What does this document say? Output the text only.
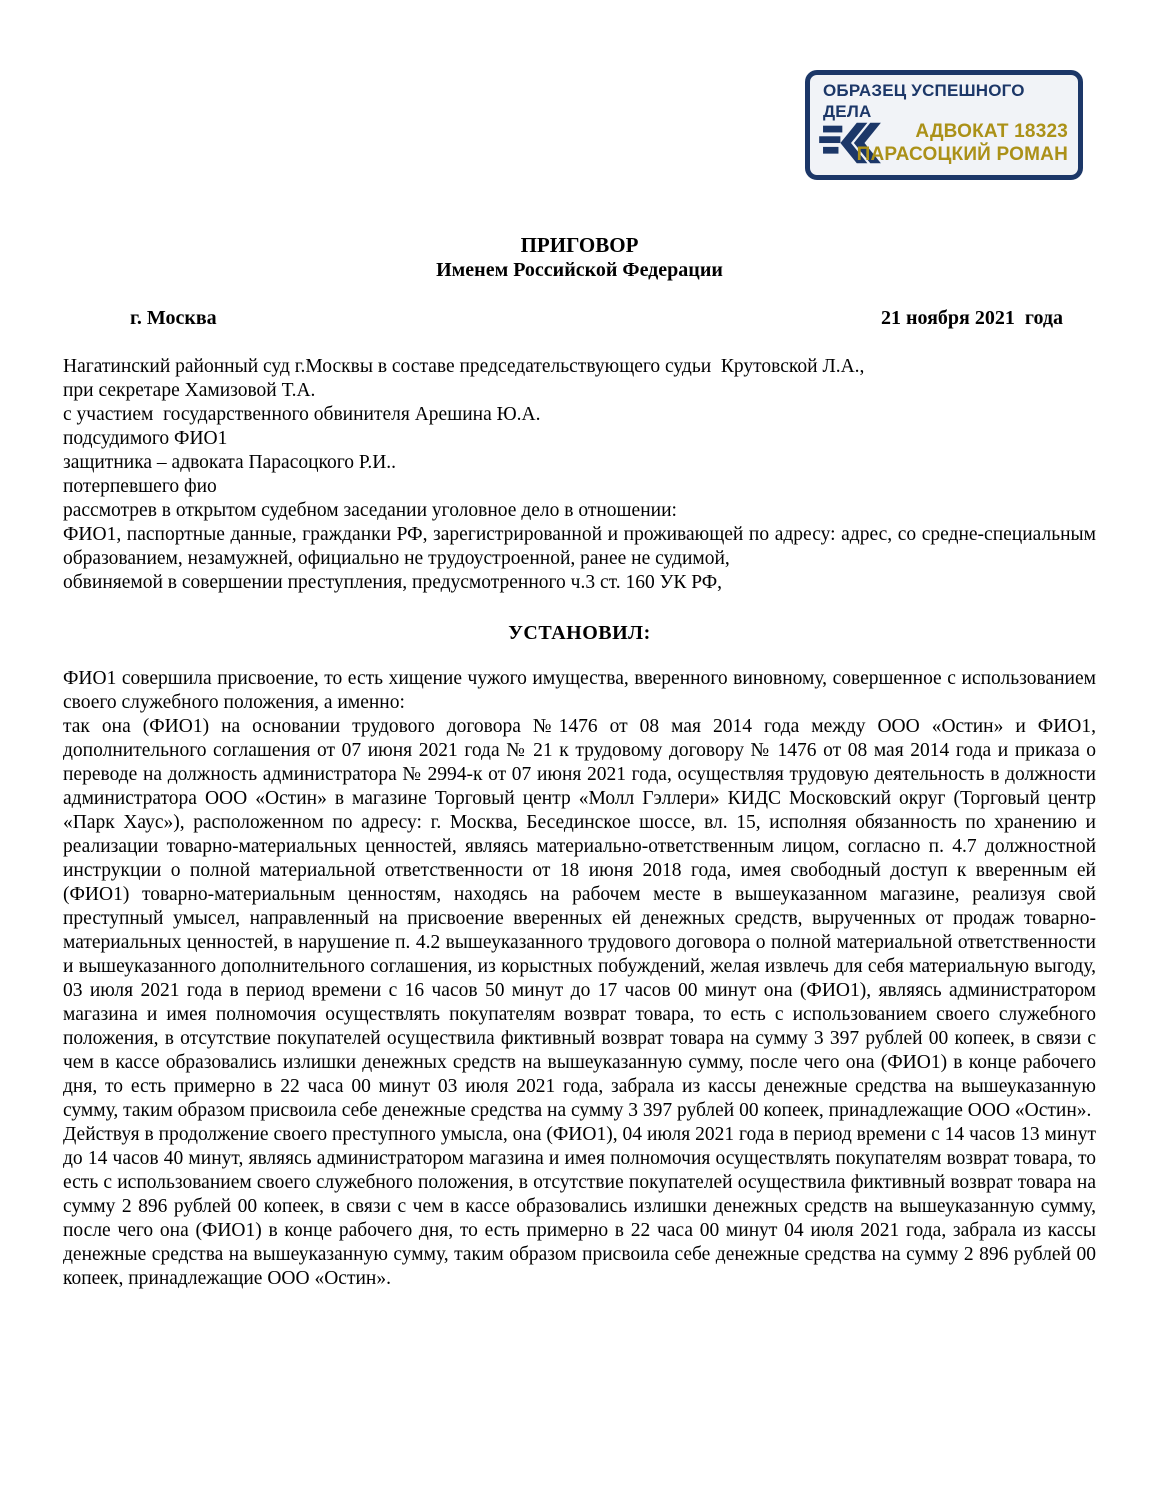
ОБРАЗЕЦ УСПЕШНОГО
ДЕЛА
АДВОКАТ 18323
ПАРАСОЦКИЙ РОМАН
ПРИГОВОР
Именем Российской Федерации
г. Москва	21 ноября 2021  года
Нагатинский районный суд г.Москвы в составе председательствующего судьи  Крутовской Л.А.,
при секретаре Хамизовой Т.А.
с участием  государственного обвинителя Арешина Ю.А.
подсудимого ФИО1
защитника – адвоката Парасоцкого Р.И..
потерпевшего фио
рассмотрев в открытом судебном заседании уголовное дело в отношении:
ФИО1, паспортные данные, гражданки РФ, зарегистрированной и проживающей по адресу: адрес, со средне-специальным образованием, незамужней, официально не трудоустроенной, ранее не судимой,
обвиняемой в совершении преступления, предусмотренного ч.3 ст. 160 УК РФ,
УСТАНОВИЛ:
ФИО1 совершила присвоение, то есть хищение чужого имущества, вверенного виновному, совершенное с использованием своего служебного положения, а именно:
так она (ФИО1) на основании трудового договора №1476 от 08 мая 2014 года между ООО «Остин» и ФИО1, дополнительного соглашения от 07 июня 2021 года № 21 к трудовому договору № 1476 от 08 мая 2014 года и приказа о переводе на должность администратора № 2994-к от 07 июня 2021 года, осуществляя трудовую деятельность в должности администратора ООО «Остин» в магазине Торговый центр «Молл Гэллери» КИДС Московский округ (Торговый центр «Парк Хаус»), расположенном по адресу: г. Москва, Бесединское шоссе, вл. 15, исполняя обязанность по хранению и реализации товарно-материальных ценностей, являясь материально-ответственным лицом, согласно п. 4.7 должностной инструкции о полной материальной ответственности от 18 июня 2018 года, имея свободный доступ к вверенным ей (ФИО1) товарно-материальным ценностям, находясь на рабочем месте в вышеуказанном магазине, реализуя свой преступный умысел, направленный на присвоение вверенных ей денежных средств, вырученных от продаж товарно-материальных ценностей, в нарушение п. 4.2 вышеуказанного трудового договора о полной материальной ответственности и вышеуказанного дополнительного соглашения, из корыстных побуждений, желая извлечь для себя материальную выгоду, 03 июля 2021 года в период времени с 16 часов 50 минут до 17 часов 00 минут она (ФИО1), являясь администратором магазина и имея полномочия осуществлять покупателям возврат товара, то есть с использованием своего служебного положения, в отсутствие покупателей осуществила фиктивный возврат товара на сумму 3 397 рублей 00 копеек, в связи с чем в кассе образовались излишки денежных средств на вышеуказанную сумму, после чего она (ФИО1) в конце рабочего дня, то есть примерно в 22 часа 00 минут 03 июля 2021 года, забрала из кассы денежные средства на вышеуказанную сумму, таким образом присвоила себе денежные средства на сумму 3 397 рублей 00 копеек, принадлежащие ООО «Остин».
Действуя в продолжение своего преступного умысла, она (ФИО1), 04 июля 2021 года в период времени с 14 часов 13 минут до 14 часов 40 минут, являясь администратором магазина и имея полномочия осуществлять покупателям возврат товара, то есть с использованием своего служебного положения, в отсутствие покупателей осуществила фиктивный возврат товара на сумму 2 896 рублей 00 копеек, в связи с чем в кассе образовались излишки денежных средств на вышеуказанную сумму, после чего она (ФИО1) в конце рабочего дня, то есть примерно в 22 часа 00 минут 04 июля 2021 года, забрала из кассы денежные средства на вышеуказанную сумму, таким образом присвоила себе денежные средства на сумму 2 896 рублей 00 копеек, принадлежащие ООО «Остин».
